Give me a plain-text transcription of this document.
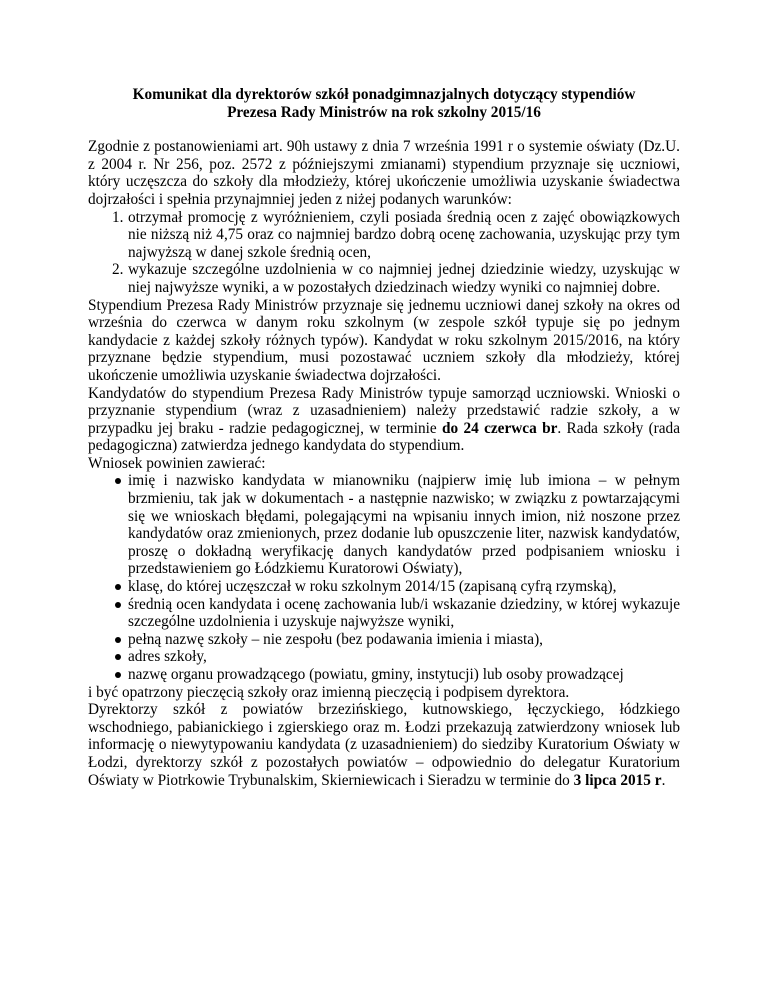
Komunikat dla dyrektorów szkół ponadgimnazjalnych dotyczący stypendiów
Prezesa Rady Ministrów na rok szkolny 2015/16

Zgodnie z postanowieniami art. 90h ustawy z dnia 7 września 1991 r o systemie oświaty (Dz.U. z 2004 r. Nr 256, poz. 2572 z późniejszymi zmianami) stypendium przyznaje się uczniowi, który uczęszcza do szkoły dla młodzieży, której ukończenie umożliwia uzyskanie świadectwa dojrzałości i spełnia przynajmniej jeden z niżej podanych warunków:

1. otrzymał promocję z wyróżnieniem, czyli posiada średnią ocen z zajęć obowiązkowych nie niższą niż 4,75 oraz co najmniej bardzo dobrą ocenę zachowania, uzyskując przy tym najwyższą w danej szkole średnią ocen,
2. wykazuje szczególne uzdolnienia w co najmniej jednej dziedzinie wiedzy, uzyskując w niej najwyższe wyniki, a w pozostałych dziedzinach wiedzy wyniki co najmniej dobre.

Stypendium Prezesa Rady Ministrów przyznaje się jednemu uczniowi danej szkoły na okres od września do czerwca w danym roku szkolnym (w zespole szkół typuje się po jednym kandydacie z każdej szkoły różnych typów). Kandydat w roku szkolnym 2015/2016, na który przyznane będzie stypendium, musi pozostawać uczniem szkoły dla młodzieży, której ukończenie umożliwia uzyskanie świadectwa dojrzałości.

Kandydatów do stypendium Prezesa Rady Ministrów typuje samorząd uczniowski. Wnioski o przyznanie stypendium (wraz z uzasadnieniem) należy przedstawić radzie szkoły, a w przypadku jej braku - radzie pedagogicznej, w terminie do 24 czerwca br. Rada szkoły (rada pedagogiczna) zatwierdza jednego kandydata do stypendium.

Wniosek powinien zawierać:

imię i nazwisko kandydata w mianowniku (najpierw imię lub imiona – w pełnym brzmieniu, tak jak w dokumentach - a następnie nazwisko; w związku z powtarzającymi się we wnioskach błędami, polegającymi na wpisaniu innych imion, niż noszone przez kandydatów oraz zmienionych, przez dodanie lub opuszczenie liter, nazwisk kandydatów, proszę o dokładną weryfikację danych kandydatów przed podpisaniem wniosku i przedstawieniem go Łódzkiemu Kuratorowi Oświaty),
klasę, do której uczęszczał w roku szkolnym 2014/15 (zapisaną cyfrą rzymską),
średnią ocen kandydata i ocenę zachowania lub/i wskazanie dziedziny, w której wykazuje szczególne uzdolnienia i uzyskuje najwyższe wyniki,
pełną nazwę szkoły – nie zespołu (bez podawania imienia i miasta),
adres szkoły,
nazwę organu prowadzącego (powiatu, gminy, instytucji) lub osoby prowadzącej

i być opatrzony pieczęcią szkoły oraz imienną pieczęcią i podpisem dyrektora.

Dyrektorzy szkół z powiatów brzezińskiego, kutnowskiego, łęczyckiego, łódzkiego wschodniego, pabianickiego i zgierskiego oraz m. Łodzi przekazują zatwierdzony wniosek lub informację o niewytypowaniu kandydata (z uzasadnieniem) do siedziby Kuratorium Oświaty w Łodzi, dyrektorzy szkół z pozostałych powiatów – odpowiednio do delegatur Kuratorium Oświaty w Piotrkowie Trybunalskim, Skierniewicach i Sieradzu w terminie do 3 lipca 2015 r.
